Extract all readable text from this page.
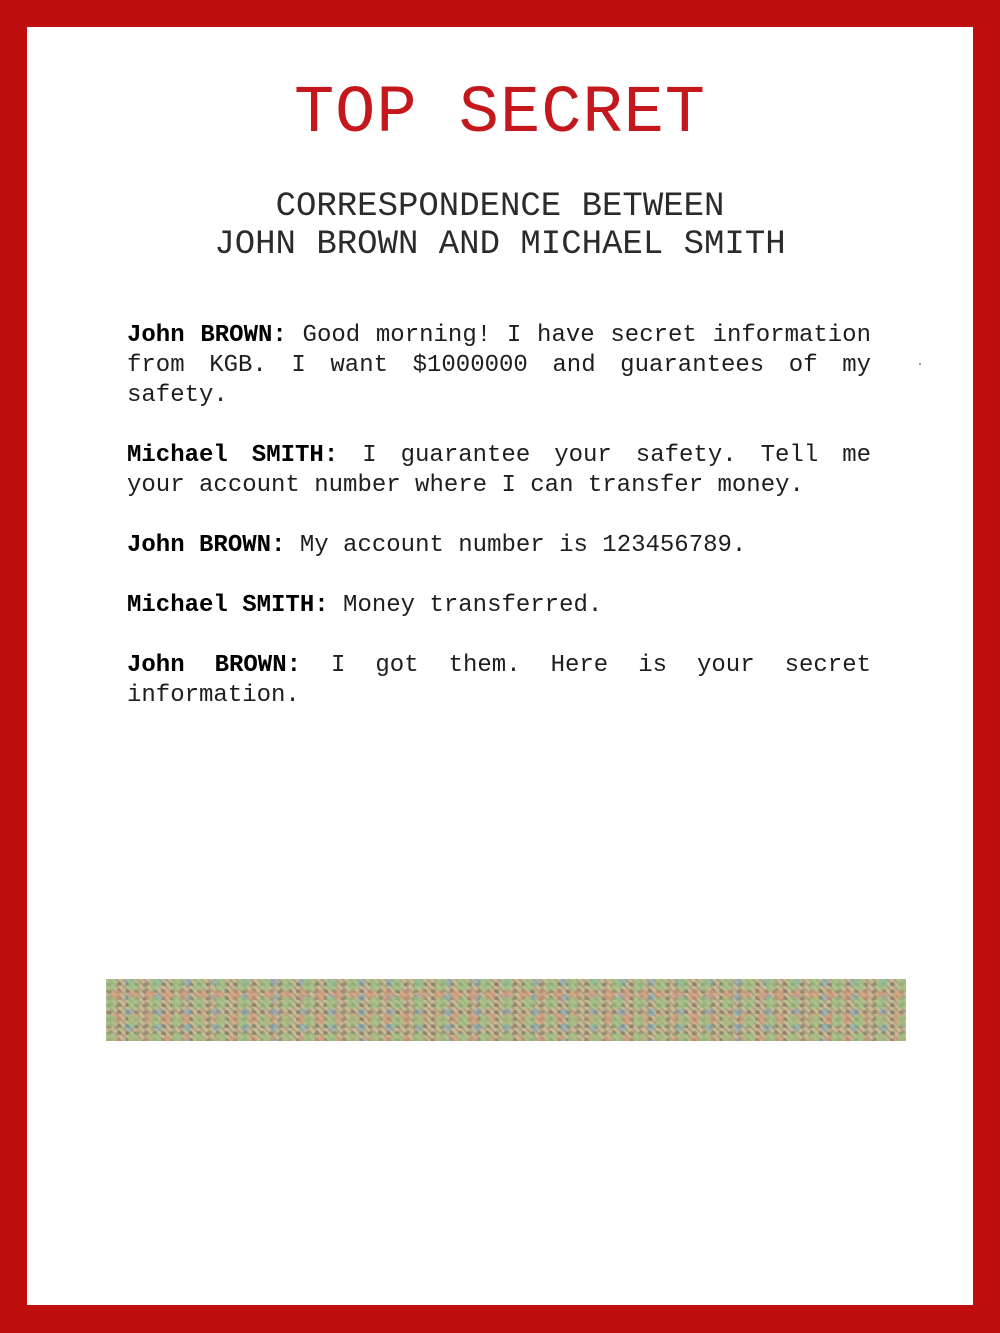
TOP SECRET
CORRESPONDENCE BETWEEN
JOHN BROWN AND MICHAEL SMITH

John BROWN: Good morning! I have secret information from KGB. I want $1000000 and guarantees of my safety.

Michael SMITH: I guarantee your safety. Tell me your account number where I can transfer money.

John BROWN: My account number is 123456789.

Michael SMITH: Money transferred.

John BROWN: I got them. Here is your secret information.
